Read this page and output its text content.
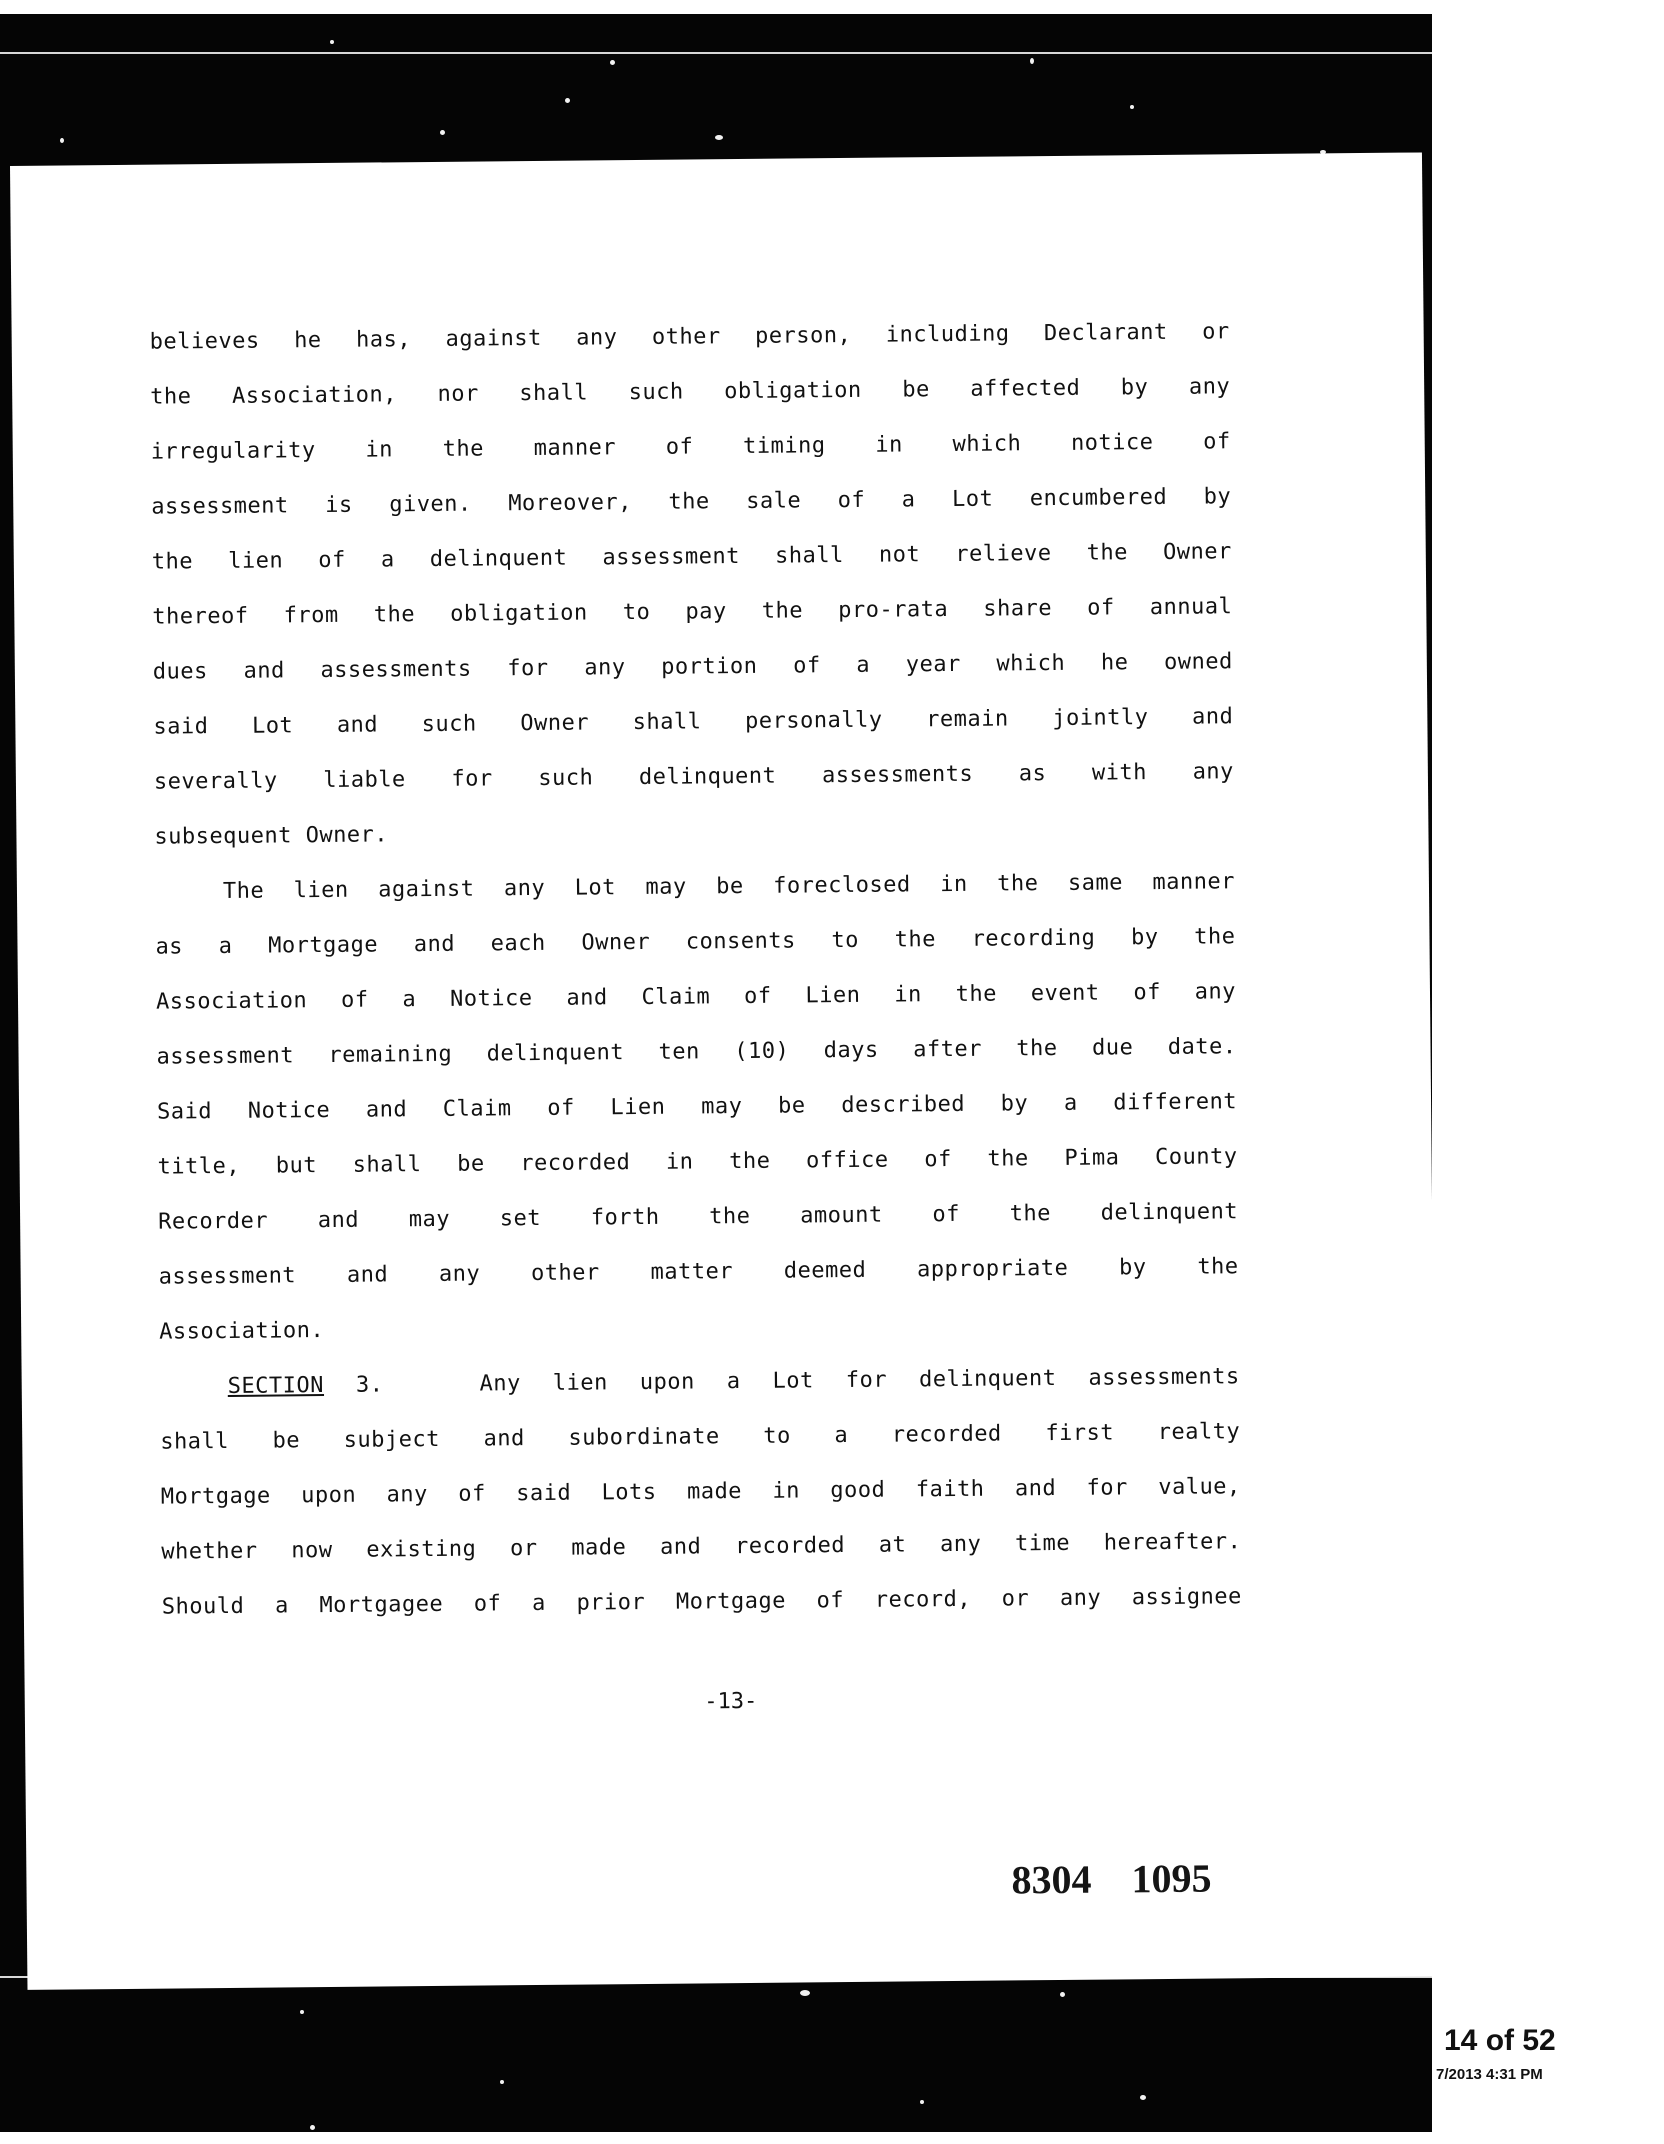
believes he has, against any other person, including Declarant or
the Association, nor shall such obligation be affected by any
irregularity in the manner of timing in which notice of
assessment is given. Moreover, the sale of a Lot encumbered by
the lien of a delinquent assessment shall not relieve the Owner
thereof from the obligation to pay the pro-rata share of annual
dues and assessments for any portion of a year which he owned
said Lot and such Owner shall personally remain jointly and
severally liable for such delinquent assessments as with any
subsequent Owner.
The lien against any Lot may be foreclosed in the same manner
as a Mortgage and each Owner consents to the recording by the
Association of a Notice and Claim of Lien in the event of any
assessment remaining delinquent ten (10) days after the due date.
Said Notice and Claim of Lien may be described by a different
title, but shall be recorded in the office of the Pima County
Recorder and may set forth the amount of the delinquent
assessment and any other matter deemed appropriate by the
Association.
SECTION 3.	Any lien upon a Lot for delinquent assessments
shall be subject and subordinate to a recorded first realty
Mortgage upon any of said Lots made in good faith and for value,
whether now existing or made and recorded at any time hereafter.
Should a Mortgagee of a prior Mortgage of record, or any assignee
-13-
8304 1095
14 of 52
7/2013 4:31 PM
